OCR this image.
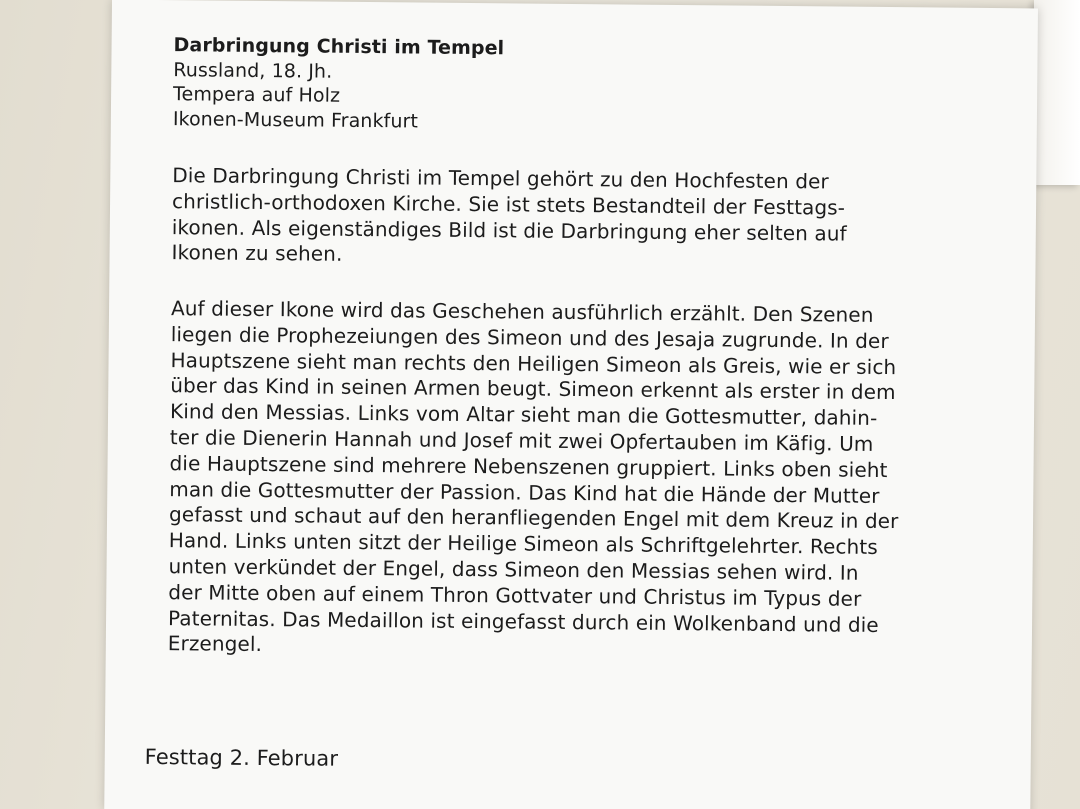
Darbringung Christi im Tempel
Russland, 18. Jh.
Tempera auf Holz
Ikonen-Museum Frankfurt
Die Darbringung Christi im Tempel gehört zu den Hochfesten der
christlich-orthodoxen Kirche. Sie ist stets Bestandteil der Festtags-
ikonen. Als eigenständiges Bild ist die Darbringung eher selten auf
Ikonen zu sehen.
Auf dieser Ikone wird das Geschehen ausführlich erzählt. Den Szenen
liegen die Prophezeiungen des Simeon und des Jesaja zugrunde. In der
Hauptszene sieht man rechts den Heiligen Simeon als Greis, wie er sich
über das Kind in seinen Armen beugt. Simeon erkennt als erster in dem
Kind den Messias. Links vom Altar sieht man die Gottesmutter, dahin-
ter die Dienerin Hannah und Josef mit zwei Opfertauben im Käfig. Um
die Hauptszene sind mehrere Nebenszenen gruppiert. Links oben sieht
man die Gottesmutter der Passion. Das Kind hat die Hände der Mutter
gefasst und schaut auf den heranfliegenden Engel mit dem Kreuz in der
Hand. Links unten sitzt der Heilige Simeon als Schriftgelehrter. Rechts
unten verkündet der Engel, dass Simeon den Messias sehen wird. In
der Mitte oben auf einem Thron Gottvater und Christus im Typus der
Paternitas. Das Medaillon ist eingefasst durch ein Wolkenband und die
Erzengel.
Festtag 2. Februar
